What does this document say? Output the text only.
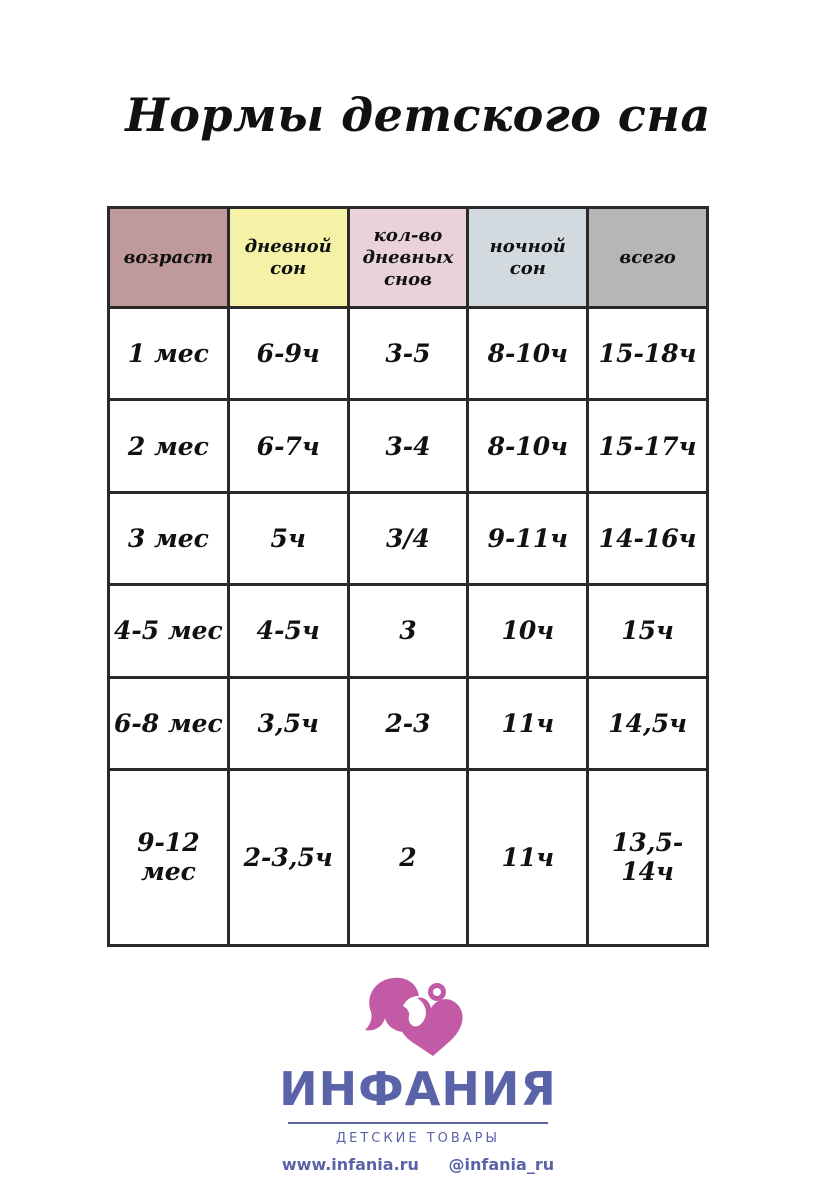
Нормы детского сна
возраст	дневной сон	кол-во дневных снов	ночной сон	всего
1 мес	6-9ч	3-5	8-10ч	15-18ч
2 мес	6-7ч	3-4	8-10ч	15-17ч
3 мес	5ч	3/4	9-11ч	14-16ч
4-5 мес	4-5ч	3	10ч	15ч
6-8 мес	3,5ч	2-3	11ч	14,5ч
9-12 мес	2-3,5ч	2	11ч	13,5-14ч
ИНФАНИЯ
ДЕТСКИЕ ТОВАРЫ
www.infania.ru @infania_ru
